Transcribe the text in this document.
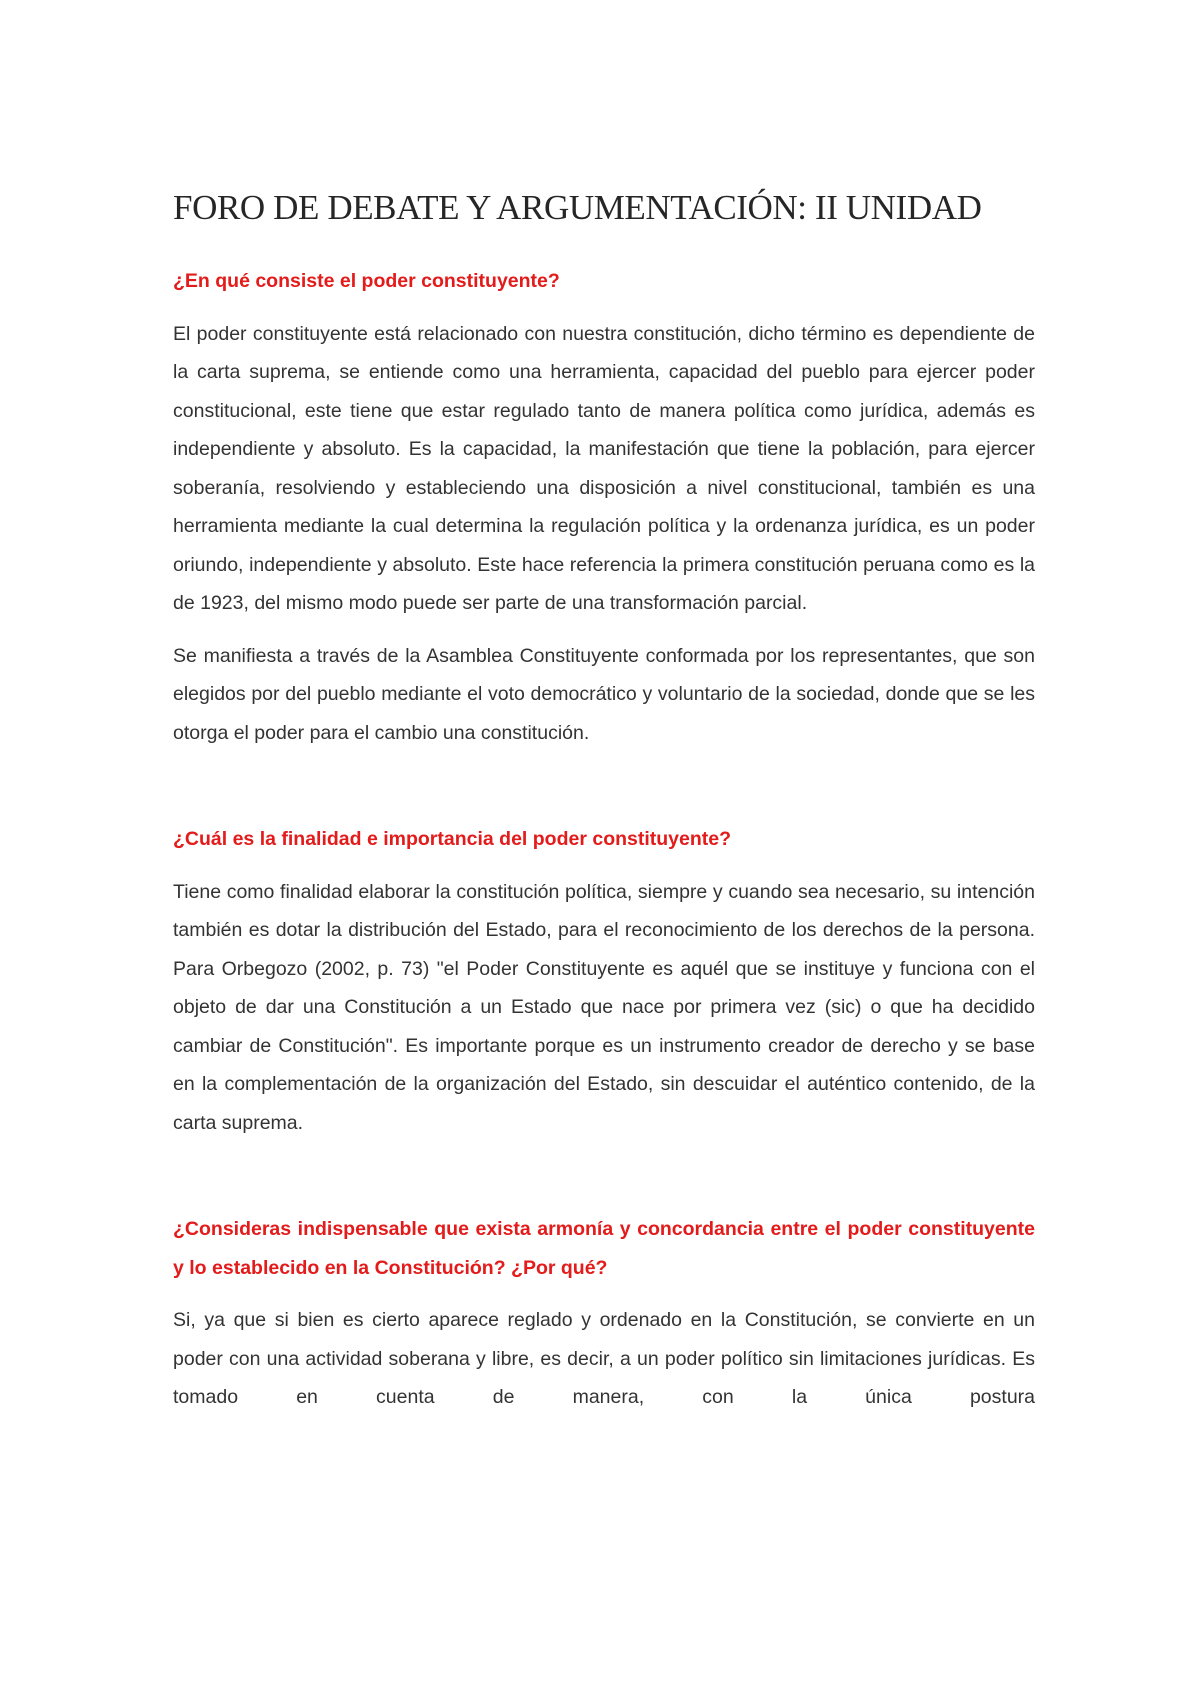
FORO DE DEBATE Y ARGUMENTACIÓN: II UNIDAD

¿En qué consiste el poder constituyente?

El poder constituyente está relacionado con nuestra constitución, dicho término es dependiente de la carta suprema, se entiende como una herramienta, capacidad del pueblo para ejercer poder constitucional, este tiene que estar regulado tanto de manera política como jurídica, además es independiente y absoluto. Es la capacidad, la manifestación que tiene la población, para ejercer soberanía, resolviendo y estableciendo una disposición a nivel constitucional, también es una herramienta mediante la cual determina la regulación política y la ordenanza jurídica, es un poder oriundo, independiente y absoluto. Este hace referencia la primera constitución peruana como es la de 1923, del mismo modo puede ser parte de una transformación parcial.

Se manifiesta a través de la Asamblea Constituyente conformada por los representantes, que son elegidos por del pueblo mediante el voto democrático y voluntario de la sociedad, donde que se les otorga el poder para el cambio una constitución.

¿Cuál es la finalidad e importancia del poder constituyente?

Tiene como finalidad elaborar la constitución política, siempre y cuando sea necesario, su intención también es dotar la distribución del Estado, para el reconocimiento de los derechos de la persona. Para Orbegozo (2002, p. 73) "el Poder Constituyente es aquél que se instituye y funciona con el objeto de dar una Constitución a un Estado que nace por primera vez (sic) o que ha decidido cambiar de Constitución". Es importante porque es un instrumento creador de derecho y se base en la complementación de la organización del Estado, sin descuidar el auténtico contenido, de la carta suprema.

¿Consideras indispensable que exista armonía y concordancia entre el poder constituyente y lo establecido en la Constitución? ¿Por qué?

Si, ya que si bien es cierto aparece reglado y ordenado en la Constitución, se convierte en un poder con una actividad soberana y libre, es decir, a un poder político sin limitaciones jurídicas. Es tomado en cuenta de manera, con la única postura
